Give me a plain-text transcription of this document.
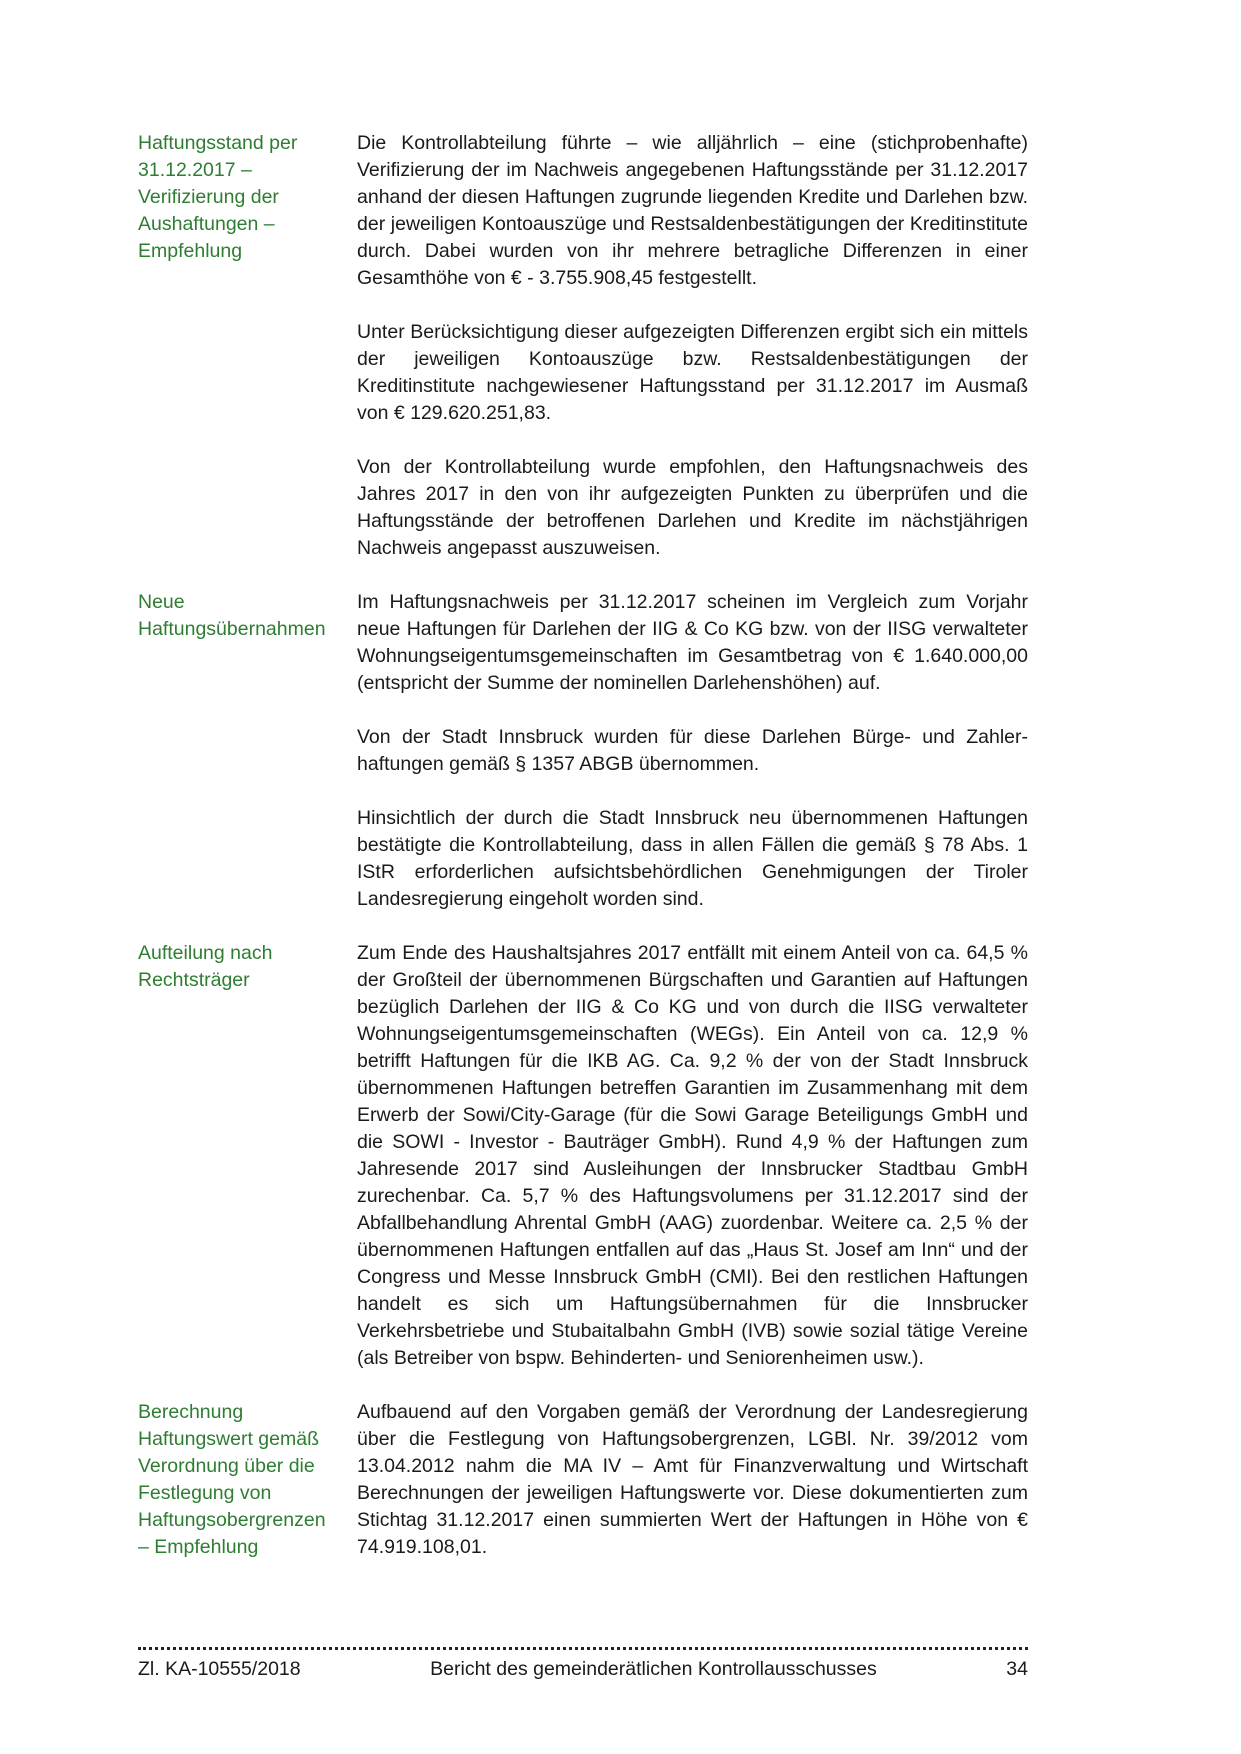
Haftungsstand per 31.12.2017 – Verifizierung der Aushaftungen – Empfehlung

Die Kontrollabteilung führte – wie alljährlich – eine (stichprobenhafte) Verifizierung der im Nachweis angegebenen Haftungsstände per 31.12.2017 anhand der diesen Haftungen zugrunde liegenden Kredite und Darlehen bzw. der jeweiligen Kontoauszüge und Restsaldenbestätigungen der Kreditinstitute durch. Dabei wurden von ihr mehrere betragliche Differenzen in einer Gesamthöhe von € - 3.755.908,45 festgestellt.

Unter Berücksichtigung dieser aufgezeigten Differenzen ergibt sich ein mittels der jeweiligen Kontoauszüge bzw. Restsaldenbestätigungen der Kreditinstitute nachgewiesener Haftungsstand per 31.12.2017 im Ausmaß von € 129.620.251,83.

Von der Kontrollabteilung wurde empfohlen, den Haftungsnachweis des Jahres 2017 in den von ihr aufgezeigten Punkten zu überprüfen und die Haftungsstände der betroffenen Darlehen und Kredite im nächstjährigen Nachweis angepasst auszuweisen.

Neue Haftungsübernahmen

Im Haftungsnachweis per 31.12.2017 scheinen im Vergleich zum Vorjahr neue Haftungen für Darlehen der IIG & Co KG bzw. von der IISG verwalteter Wohnungseigentumsgemeinschaften im Gesamtbetrag von € 1.640.000,00 (entspricht der Summe der nominellen Darlehenshöhen) auf.

Von der Stadt Innsbruck wurden für diese Darlehen Bürge- und Zahlerhaftungen gemäß § 1357 ABGB übernommen.

Hinsichtlich der durch die Stadt Innsbruck neu übernommenen Haftungen bestätigte die Kontrollabteilung, dass in allen Fällen die gemäß § 78 Abs. 1 IStR erforderlichen aufsichtsbehördlichen Genehmigungen der Tiroler Landesregierung eingeholt worden sind.

Aufteilung nach Rechtsträger

Zum Ende des Haushaltsjahres 2017 entfällt mit einem Anteil von ca. 64,5 % der Großteil der übernommenen Bürgschaften und Garantien auf Haftungen bezüglich Darlehen der IIG & Co KG und von durch die IISG verwalteter Wohnungseigentumsgemeinschaften (WEGs). Ein Anteil von ca. 12,9 % betrifft Haftungen für die IKB AG. Ca. 9,2 % der von der Stadt Innsbruck übernommenen Haftungen betreffen Garantien im Zusammenhang mit dem Erwerb der Sowi/City-Garage (für die Sowi Garage Beteiligungs GmbH und die SOWI - Investor - Bauträger GmbH). Rund 4,9 % der Haftungen zum Jahresende 2017 sind Ausleihungen der Innsbrucker Stadtbau GmbH zurechenbar. Ca. 5,7 % des Haftungsvolumens per 31.12.2017 sind der Abfallbehandlung Ahrental GmbH (AAG) zuordenbar. Weitere ca. 2,5 % der übernommenen Haftungen entfallen auf das „Haus St. Josef am Inn“ und der Congress und Messe Innsbruck GmbH (CMI). Bei den restlichen Haftungen handelt es sich um Haftungsübernahmen für die Innsbrucker Verkehrsbetriebe und Stubaitalbahn GmbH (IVB) sowie sozial tätige Vereine (als Betreiber von bspw. Behinderten- und Seniorenheimen usw.).

Berechnung Haftungswert gemäß Verordnung über die Festlegung von Haftungsobergrenzen – Empfehlung

Aufbauend auf den Vorgaben gemäß der Verordnung der Landesregierung über die Festlegung von Haftungsobergrenzen, LGBl. Nr. 39/2012 vom 13.04.2012 nahm die MA IV – Amt für Finanzverwaltung und Wirtschaft Berechnungen der jeweiligen Haftungswerte vor. Diese dokumentierten zum Stichtag 31.12.2017 einen summierten Wert der Haftungen in Höhe von € 74.919.108,01.

Zl. KA-10555/2018	Bericht des gemeinderätlichen Kontrollausschusses	34
